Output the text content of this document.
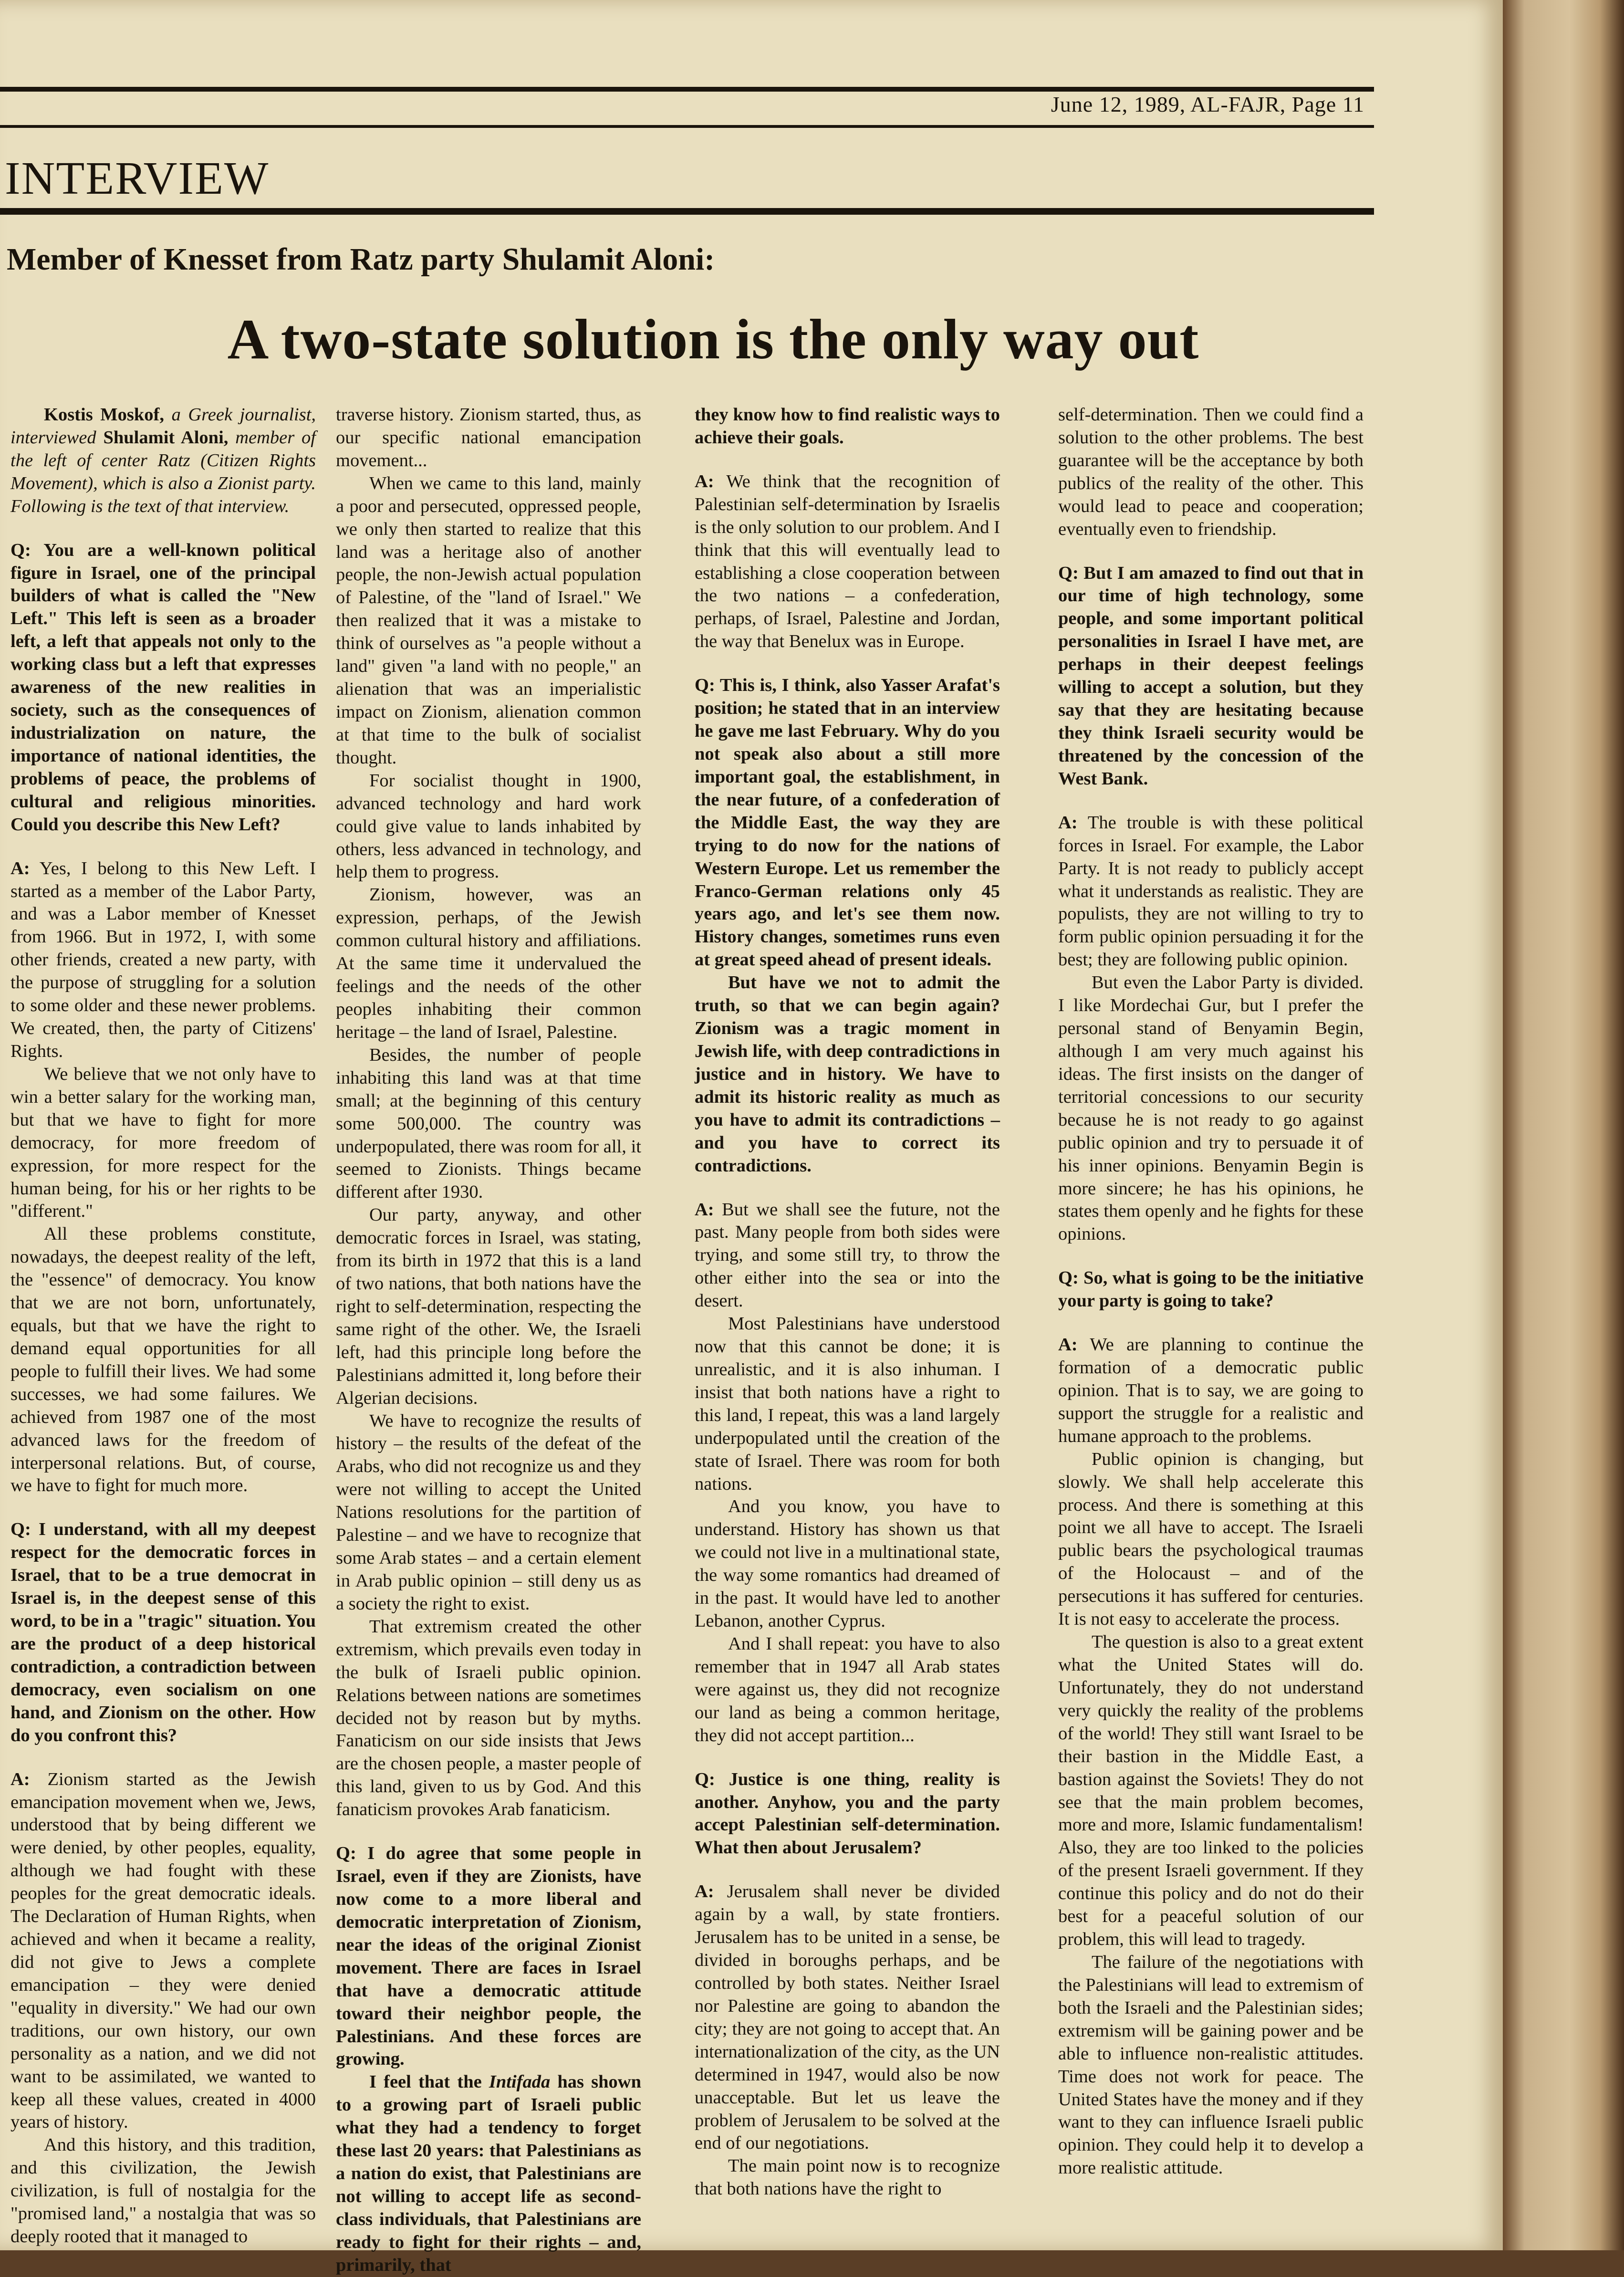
June 12, 1989, AL-FAJR, Page 11
INTERVIEW
Member of Knesset from Ratz party Shulamit Aloni:
A two-state solution is the only way out

Kostis Moskof, a Greek journalist, interviewed Shulamit Aloni, member of the left of center Ratz (Citizen Rights Movement), which is also a Zionist party. Following is the text of that interview.

Q: You are a well-known political figure in Israel, one of the principal builders of what is called the "New Left." This left is seen as a broader left, a left that appeals not only to the working class but a left that expresses awareness of the new realities in society, such as the consequences of industrialization on nature, the importance of national identities, the problems of peace, the problems of cultural and religious minorities. Could you describe this New Left?

A: Yes, I belong to this New Left. I started as a member of the Labor Party, and was a Labor member of Knesset from 1966. But in 1972, I, with some other friends, created a new party, with the purpose of struggling for a solution to some older and these newer problems. We created, then, the party of Citizens' Rights.

We believe that we not only have to win a better salary for the working man, but that we have to fight for more democracy, for more freedom of expression, for more respect for the human being, for his or her rights to be "different."

All these problems constitute, nowadays, the deepest reality of the left, the "essence" of democracy. You know that we are not born, unfortunately, equals, but that we have the right to demand equal opportunities for all people to fulfill their lives. We had some successes, we had some failures. We achieved from 1987 one of the most advanced laws for the freedom of interpersonal relations. But, of course, we have to fight for much more.

Q: I understand, with all my deepest respect for the democratic forces in Israel, that to be a true democrat in Israel is, in the deepest sense of this word, to be in a "tragic" situation. You are the product of a deep historical contradiction, a contradiction between democracy, even socialism on one hand, and Zionism on the other. How do you confront this?

A: Zionism started as the Jewish emancipation movement when we, Jews, understood that by being different we were denied, by other peoples, equality, although we had fought with these peoples for the great democratic ideals. The Declaration of Human Rights, when achieved and when it became a reality, did not give to Jews a complete emancipation – they were denied "equality in diversity." We had our own traditions, our own history, our own personality as a nation, and we did not want to be assimilated, we wanted to keep all these values, created in 4000 years of history.

And this history, and this tradition, and this civilization, the Jewish civilization, is full of nostalgia for the "promised land," a nostalgia that was so deeply rooted that it managed to

traverse history. Zionism started, thus, as our specific national emancipation movement...

When we came to this land, mainly a poor and persecuted, oppressed people, we only then started to realize that this land was a heritage also of another people, the non-Jewish actual population of Palestine, of the "land of Israel." We then realized that it was a mistake to think of ourselves as "a people without a land" given "a land with no people," an alienation that was an imperialistic impact on Zionism, alienation common at that time to the bulk of socialist thought.

For socialist thought in 1900, advanced technology and hard work could give value to lands inhabited by others, less advanced in technology, and help them to progress.

Zionism, however, was an expression, perhaps, of the Jewish common cultural history and affiliations. At the same time it undervalued the feelings and the needs of the other peoples inhabiting their common heritage – the land of Israel, Palestine.

Besides, the number of people inhabiting this land was at that time small; at the beginning of this century some 500,000. The country was underpopulated, there was room for all, it seemed to Zionists. Things became different after 1930.

Our party, anyway, and other democratic forces in Israel, was stating, from its birth in 1972 that this is a land of two nations, that both nations have the right to self-determination, respecting the same right of the other. We, the Israeli left, had this principle long before the Palestinians admitted it, long before their Algerian decisions.

We have to recognize the results of history – the results of the defeat of the Arabs, who did not recognize us and they were not willing to accept the United Nations resolutions for the partition of Palestine – and we have to recognize that some Arab states – and a certain element in Arab public opinion – still deny us as a society the right to exist.

That extremism created the other extremism, which prevails even today in the bulk of Israeli public opinion. Relations between nations are sometimes decided not by reason but by myths. Fanaticism on our side insists that Jews are the chosen people, a master people of this land, given to us by God. And this fanaticism provokes Arab fanaticism.

Q: I do agree that some people in Israel, even if they are Zionists, have now come to a more liberal and democratic interpretation of Zionism, near the ideas of the original Zionist movement. There are faces in Israel that have a democratic attitude toward their neighbor people, the Palestinians. And these forces are growing.

I feel that the Intifada has shown to a growing part of Israeli public what they had a tendency to forget these last 20 years: that Palestinians as a nation do exist, that Palestinians are not willing to accept life as second-class individuals, that Palestinians are ready to fight for their rights – and, primarily, that

they know how to find realistic ways to achieve their goals.

A: We think that the recognition of Palestinian self-determination by Israelis is the only solution to our problem. And I think that this will eventually lead to establishing a close cooperation between the two nations – a confederation, perhaps, of Israel, Palestine and Jordan, the way that Benelux was in Europe.

Q: This is, I think, also Yasser Arafat's position; he stated that in an interview he gave me last February. Why do you not speak also about a still more important goal, the establishment, in the near future, of a confederation of the Middle East, the way they are trying to do now for the nations of Western Europe. Let us remember the Franco-German relations only 45 years ago, and let's see them now. History changes, sometimes runs even at great speed ahead of present ideals.

But have we not to admit the truth, so that we can begin again? Zionism was a tragic moment in Jewish life, with deep contradictions in justice and in history. We have to admit its historic reality as much as you have to admit its contradictions – and you have to correct its contradictions.

A: But we shall see the future, not the past. Many people from both sides were trying, and some still try, to throw the other either into the sea or into the desert.

Most Palestinians have understood now that this cannot be done; it is unrealistic, and it is also inhuman. I insist that both nations have a right to this land, I repeat, this was a land largely underpopulated until the creation of the state of Israel. There was room for both nations.

And you know, you have to understand. History has shown us that we could not live in a multinational state, the way some romantics had dreamed of in the past. It would have led to another Lebanon, another Cyprus.

And I shall repeat: you have to also remember that in 1947 all Arab states were against us, they did not recognize our land as being a common heritage, they did not accept partition...

Q: Justice is one thing, reality is another. Anyhow, you and the party accept Palestinian self-determination. What then about Jerusalem?

A: Jerusalem shall never be divided again by a wall, by state frontiers. Jerusalem has to be united in a sense, be divided in boroughs perhaps, and be controlled by both states. Neither Israel nor Palestine are going to abandon the city; they are not going to accept that. An internationalization of the city, as the UN determined in 1947, would also be now unacceptable. But let us leave the problem of Jerusalem to be solved at the end of our negotiations.

The main point now is to recognize that both nations have the right to

self-determination. Then we could find a solution to the other problems. The best guarantee will be the acceptance by both publics of the reality of the other. This would lead to peace and cooperation; eventually even to friendship.

Q: But I am amazed to find out that in our time of high technology, some people, and some important political personalities in Israel I have met, are perhaps in their deepest feelings willing to accept a solution, but they say that they are hesitating because they think Israeli security would be threatened by the concession of the West Bank.

A: The trouble is with these political forces in Israel. For example, the Labor Party. It is not ready to publicly accept what it understands as realistic. They are populists, they are not willing to try to form public opinion persuading it for the best; they are following public opinion.

But even the Labor Party is divided. I like Mordechai Gur, but I prefer the personal stand of Benyamin Begin, although I am very much against his ideas. The first insists on the danger of territorial concessions to our security because he is not ready to go against public opinion and try to persuade it of his inner opinions. Benyamin Begin is more sincere; he has his opinions, he states them openly and he fights for these opinions.

Q: So, what is going to be the initiative your party is going to take?

A: We are planning to continue the formation of a democratic public opinion. That is to say, we are going to support the struggle for a realistic and humane approach to the problems.

Public opinion is changing, but slowly. We shall help accelerate this process. And there is something at this point we all have to accept. The Israeli public bears the psychological traumas of the Holocaust – and of the persecutions it has suffered for centuries. It is not easy to accelerate the process.

The question is also to a great extent what the United States will do. Unfortunately, they do not understand very quickly the reality of the problems of the world! They still want Israel to be their bastion in the Middle East, a bastion against the Soviets! They do not see that the main problem becomes, more and more, Islamic fundamentalism! Also, they are too linked to the policies of the present Israeli government. If they continue this policy and do not do their best for a peaceful solution of our problem, this will lead to tragedy.

The failure of the negotiations with the Palestinians will lead to extremism of both the Israeli and the Palestinian sides; extremism will be gaining power and be able to influence non-realistic attitudes. Time does not work for peace. The United States have the money and if they want to they can influence Israeli public opinion. They could help it to develop a more realistic attitude.
